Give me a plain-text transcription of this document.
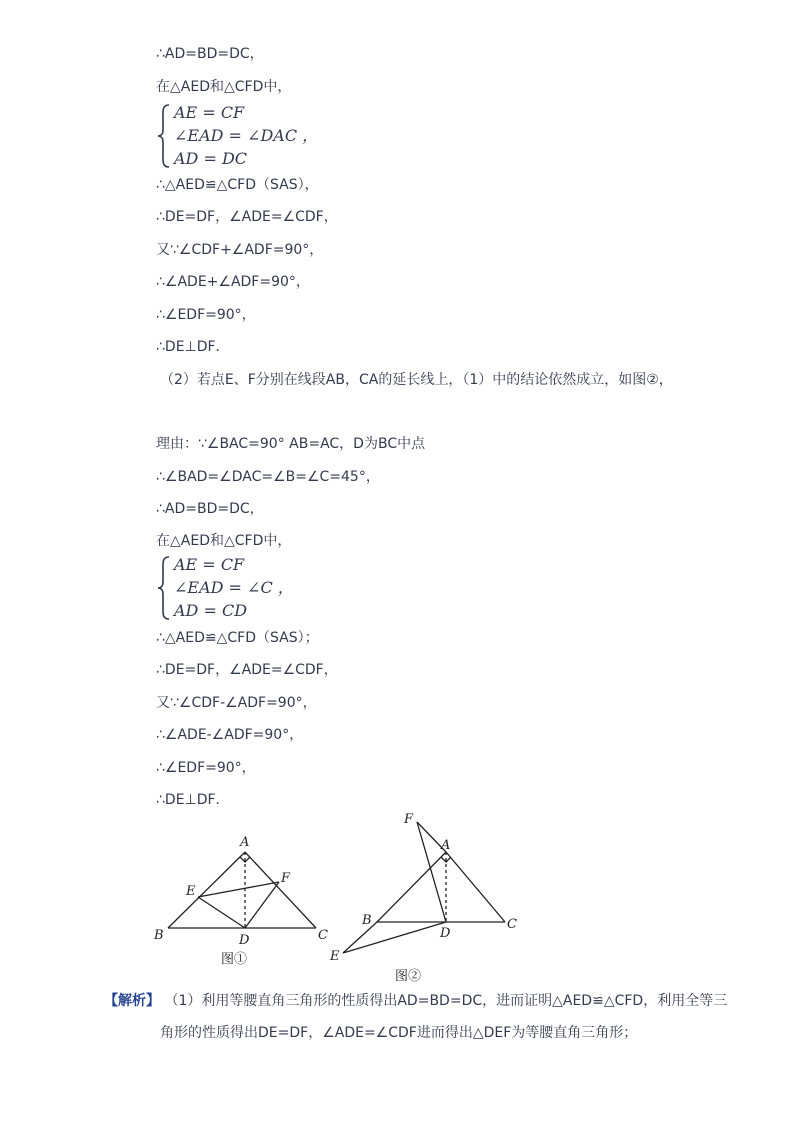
∴AD=BD=DC，
在△AED和△CFD中，
AE = CF
∠EAD = ∠DAC ，
AD = DC
∴△AED≌△CFD（SAS），
∴DE=DF，∠ADE=∠CDF，
又∵∠CDF+∠ADF=90°，
∴∠ADE+∠ADF=90°，
∴∠EDF=90°，
∴DE⊥DF．
（2）若点E、F分别在线段AB，CA的延长线上，（1）中的结论依然成立，如图②，
理由：∵∠BAC=90° AB=AC，D为BC中点
∴∠BAD=∠DAC=∠B=∠C=45°，
∴AD=BD=DC，
在△AED和△CFD中，
AE = CF
∠EAD = ∠C ，
AD = CD
∴△AED≌△CFD（SAS）；
∴DE=DF，∠ADE=∠CDF，
又∵∠CDF-∠ADF=90°，
∴∠ADE-∠ADF=90°，
∴∠EDF=90°，
∴DE⊥DF．
A
B	C
D
E
F
图①
A
B	C
D
E
F
图②
【解析】 （1）利用等腰直角三角形的性质得出AD=BD=DC，进而证明△AED≌△CFD，利用全等三
角形的性质得出DE=DF，∠ADE=∠CDF进而得出△DEF为等腰直角三角形；
